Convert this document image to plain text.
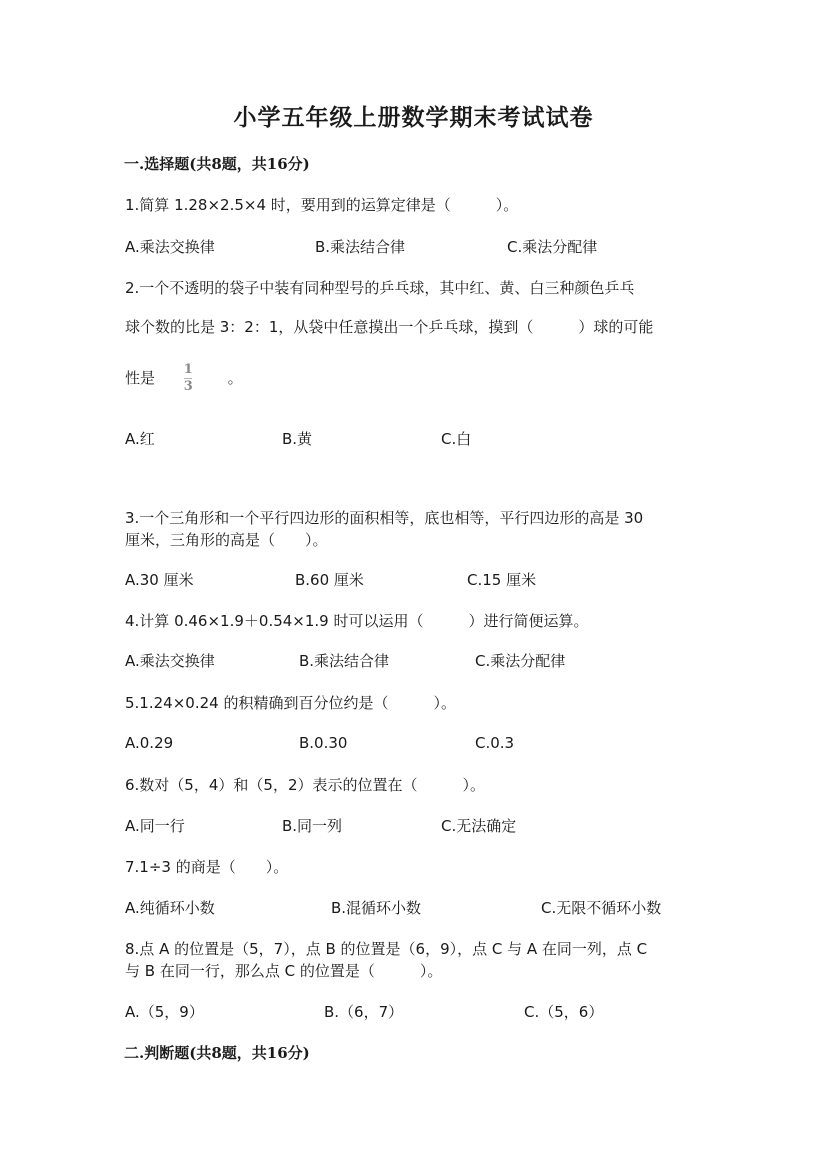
小学五年级上册数学期末考试试卷
一.选择题(共8题，共16分)
1.简算 1.28×2.5×4 时，要用到的运算定律是（　　　）。
A.乘法交换律	B.乘法结合律	C.乘法分配律
2.一个不透明的袋子中装有同种型号的乒乓球，其中红、黄、白三种颜色乒乓
球个数的比是 3：2：1，从袋中任意摸出一个乒乓球，摸到（　　　）球的可能
性是 $\frac{1}{3}$ 。
A.红	B.黄	C.白
3.一个三角形和一个平行四边形的面积相等，底也相等，平行四边形的高是 30
厘米，三角形的高是（　　）。
A.30 厘米	B.60 厘米	C.15 厘米
4.计算 0.46×1.9＋0.54×1.9 时可以运用（　　　）进行简便运算。
A.乘法交换律	B.乘法结合律	C.乘法分配律
5.1.24×0.24 的积精确到百分位约是（　　　）。
A.0.29	B.0.30	C.0.3
6.数对（5，4）和（5，2）表示的位置在（　　　）。
A.同一行	B.同一列	C.无法确定
7.1÷3 的商是（　　）。
A.纯循环小数	B.混循环小数	C.无限不循环小数
8.点 A 的位置是（5，7），点 B 的位置是（6，9），点 C 与 A 在同一列，点 C
与 B 在同一行，那么点 C 的位置是（　　　）。
A.（5，9）	B.（6，7）	C.（5，6）
二.判断题(共8题，共16分)
